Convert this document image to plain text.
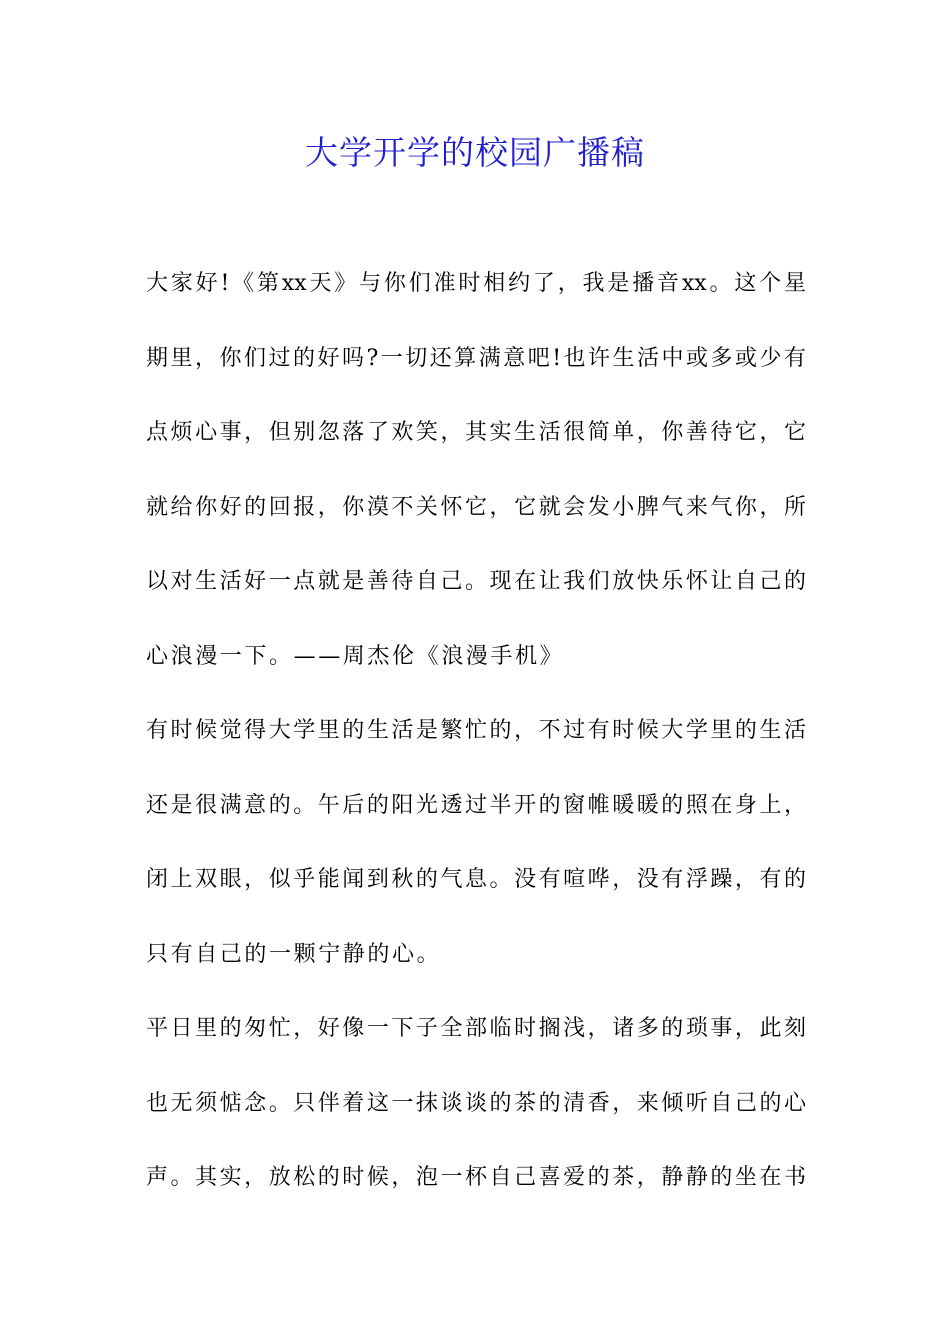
大学开学的校园广播稿
大家好!《第xx天》与你们准时相约了，我是播音xx。这个星
期里，你们过的好吗?一切还算满意吧!也许生活中或多或少有
点烦心事，但别忽落了欢笑，其实生活很简单，你善待它，它
就给你好的回报，你漠不关怀它，它就会发小脾气来气你，所
以对生活好一点就是善待自己。现在让我们放快乐怀让自己的
心浪漫一下。——周杰伦《浪漫手机》
有时候觉得大学里的生活是繁忙的，不过有时候大学里的生活
还是很满意的。午后的阳光透过半开的窗帷暖暖的照在身上，
闭上双眼，似乎能闻到秋的气息。没有喧哗，没有浮躁，有的
只有自己的一颗宁静的心。
平日里的匆忙，好像一下子全部临时搁浅，诸多的琐事，此刻
也无须惦念。只伴着这一抹谈谈的茶的清香，来倾听自己的心
声。其实，放松的时候，泡一杯自己喜爱的茶，静静的坐在书
